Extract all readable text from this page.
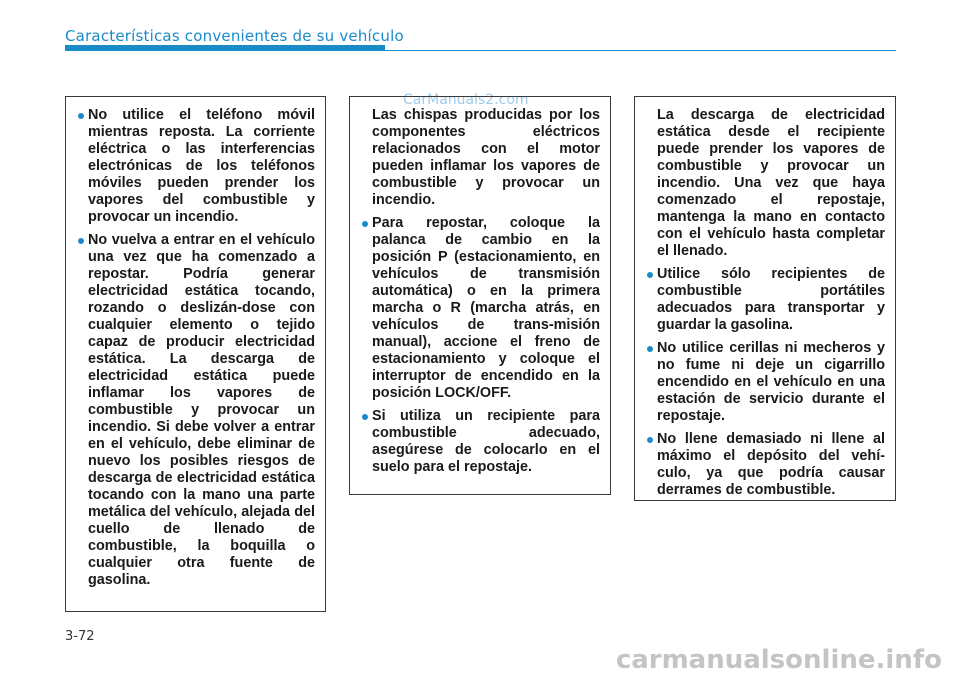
Características convenientes de su vehículo
CarManuals2.com
No utilice el teléfono móvil mientras reposta. La corriente eléctrica o las interferencias electrónicas de los teléfonos móviles pueden prender los vapores del combustible y provocar un incendio.
No vuelva a entrar en el vehículo una vez que ha comenzado a repostar. Podría generar electricidad estática tocando, rozando o deslizán-dose con cualquier elemento o tejido capaz de producir electricidad estática. La descarga de electricidad estática puede inflamar los vapores de combustible y provocar un incendio. Si debe volver a entrar en el vehículo, debe eliminar de nuevo los posibles riesgos de descarga de electricidad estática tocando con la mano una parte metálica del vehículo, alejada del cuello de llenado de combustible, la boquilla o cualquier otra fuente de gasolina.
Las chispas producidas por los componentes eléctricos relacionados con el motor pueden inflamar los vapores de combustible y provocar un incendio.
Para repostar, coloque la palanca de cambio en la posición P (estacionamiento, en vehículos de transmisión automática) o en la primera marcha o R (marcha atrás, en vehículos de trans-misión manual), accione el freno de estacionamiento y coloque el interruptor de encendido en la posición LOCK/OFF.
Si utiliza un recipiente para combustible adecuado, asegúrese de colocarlo en el suelo para el repostaje.
La descarga de electricidad estática desde el recipiente puede prender los vapores de combustible y provocar un incendio. Una vez que haya comenzado el repostaje, mantenga la mano en contacto con el vehículo hasta completar el llenado.
Utilice sólo recipientes de combustible portátiles adecuados para transportar y guardar la gasolina.
No utilice cerillas ni mecheros y no fume ni deje un cigarrillo encendido en el vehículo en una estación de servicio durante el repostaje.
No llene demasiado ni llene al máximo el depósito del vehí-culo, ya que podría causar derrames de combustible.
3-72
carmanualsonline.info
